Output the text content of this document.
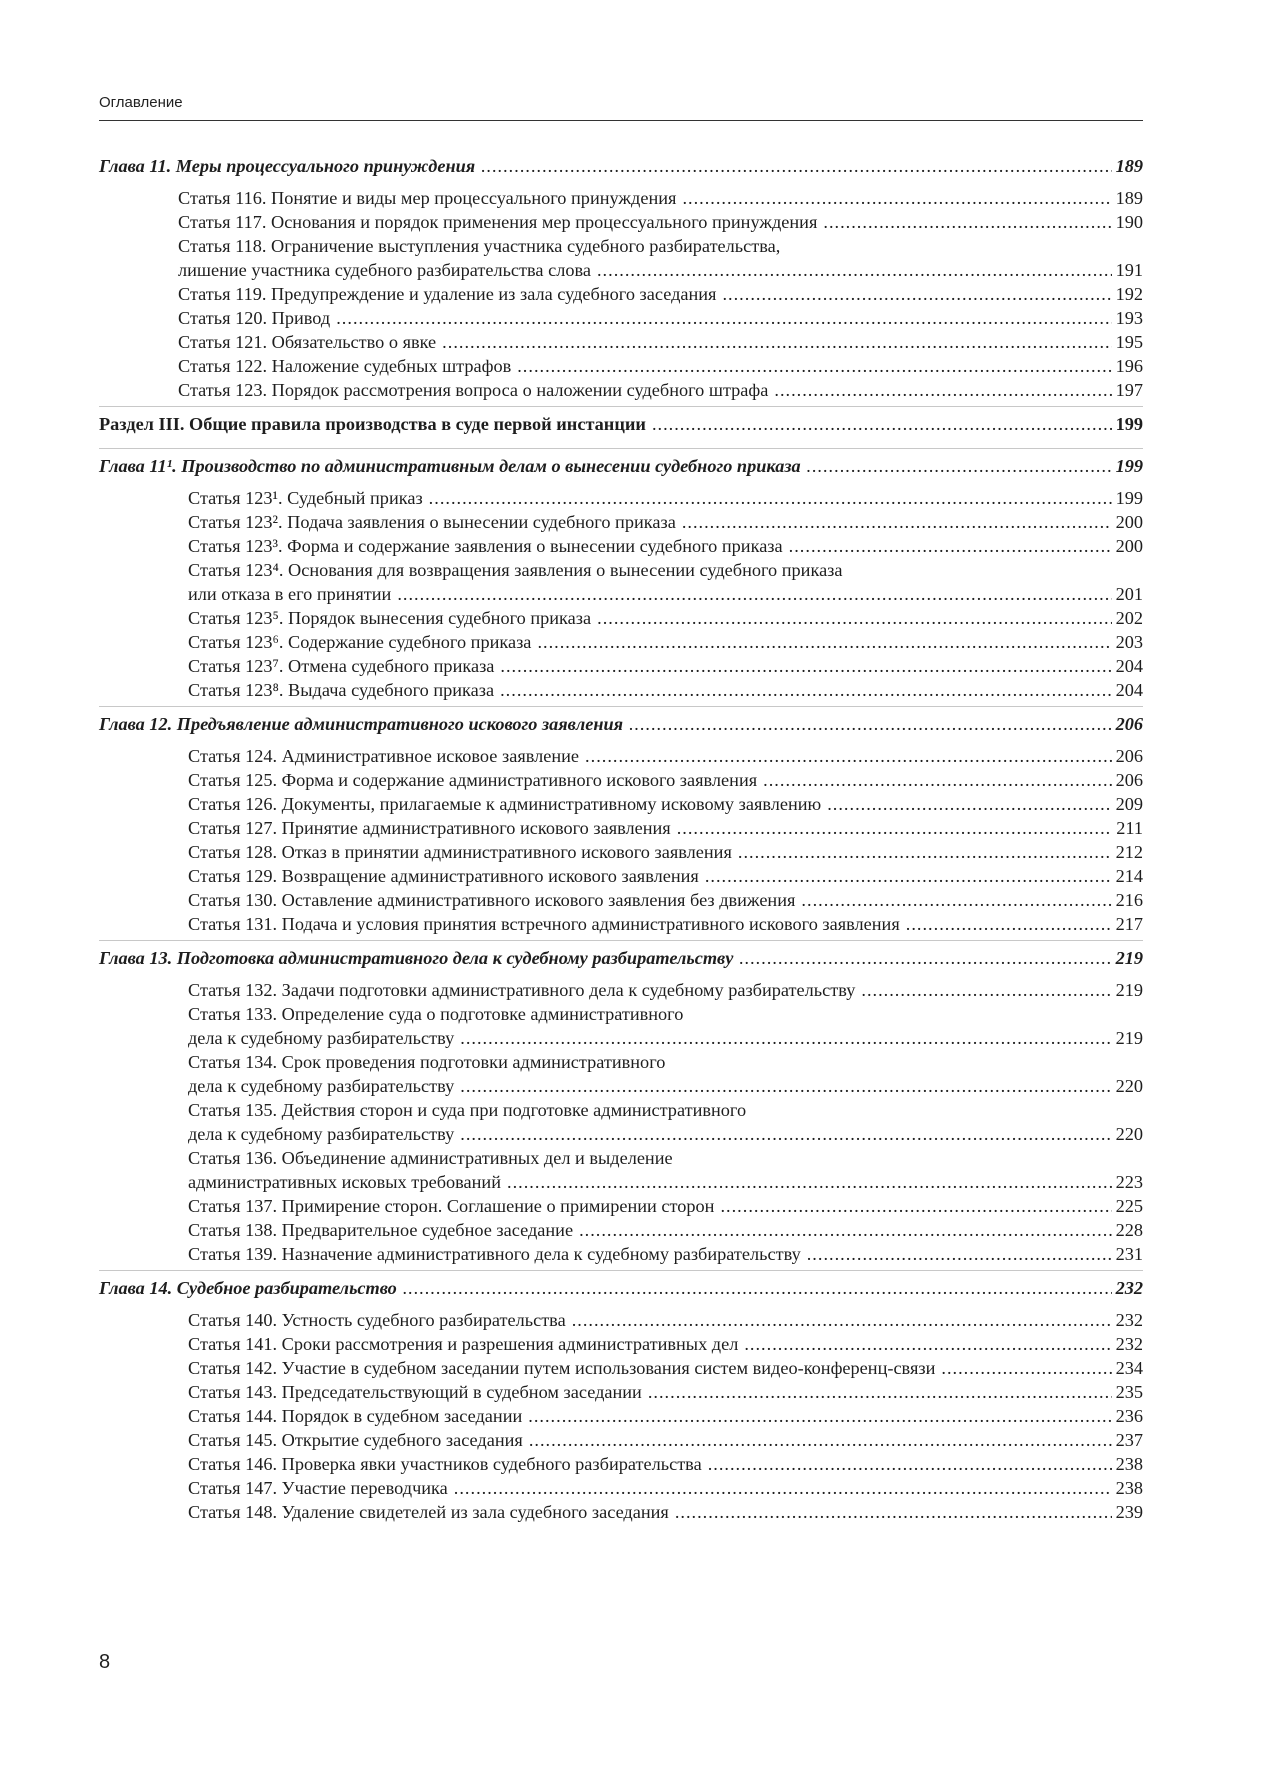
Оглавление
Глава 11. Меры процессуального принуждения .....	189
Статья 116. Понятие и виды мер процессуального принуждения .....	189
Статья 117. Основания и порядок применения мер процессуального принуждения .....	190
Статья 118. Ограничение выступления участника судебного разбирательства,
лишение участника судебного разбирательства слова .....	191
Статья 119. Предупреждение и удаление из зала судебного заседания .....	192
Статья 120. Привод .....	193
Статья 121. Обязательство о явке .....	195
Статья 122. Наложение судебных штрафов .....	196
Статья 123. Порядок рассмотрения вопроса о наложении судебного штрафа .....	197
Раздел III. Общие правила производства в суде первой инстанции .....	199
Глава 11¹. Производство по административным делам о вынесении судебного приказа .....	199
Статья 123¹. Судебный приказ .....	199
Статья 123². Подача заявления о вынесении судебного приказа .....	200
Статья 123³. Форма и содержание заявления о вынесении судебного приказа .....	200
Статья 123⁴. Основания для возвращения заявления о вынесении судебного приказа
или отказа в его принятии .....	201
Статья 123⁵. Порядок вынесения судебного приказа .....	202
Статья 123⁶. Содержание судебного приказа .....	203
Статья 123⁷. Отмена судебного приказа .....	204
Статья 123⁸. Выдача судебного приказа .....	204
Глава 12. Предъявление административного искового заявления .....	206
Статья 124. Административное исковое заявление .....	206
Статья 125. Форма и содержание административного искового заявления .....	206
Статья 126. Документы, прилагаемые к административному исковому заявлению .....	209
Статья 127. Принятие административного искового заявления .....	211
Статья 128. Отказ в принятии административного искового заявления .....	212
Статья 129. Возвращение административного искового заявления .....	214
Статья 130. Оставление административного искового заявления без движения .....	216
Статья 131. Подача и условия принятия встречного административного искового заявления .....	217
Глава 13. Подготовка административного дела к судебному разбирательству .....	219
Статья 132. Задачи подготовки административного дела к судебному разбирательству .....	219
Статья 133. Определение суда о подготовке административного
дела к судебному разбирательству .....	219
Статья 134. Срок проведения подготовки административного
дела к судебному разбирательству .....	220
Статья 135. Действия сторон и суда при подготовке административного
дела к судебному разбирательству .....	220
Статья 136. Объединение административных дел и выделение
административных исковых требований .....	223
Статья 137. Примирение сторон. Соглашение о примирении сторон .....	225
Статья 138. Предварительное судебное заседание .....	228
Статья 139. Назначение административного дела к судебному разбирательству .....	231
Глава 14. Судебное разбирательство .....	232
Статья 140. Устность судебного разбирательства .....	232
Статья 141. Сроки рассмотрения и разрешения административных дел .....	232
Статья 142. Участие в судебном заседании путем использования систем видео-конференц-связи .....	234
Статья 143. Председательствующий в судебном заседании .....	235
Статья 144. Порядок в судебном заседании .....	236
Статья 145. Открытие судебного заседания .....	237
Статья 146. Проверка явки участников судебного разбирательства .....	238
Статья 147. Участие переводчика .....	238
Статья 148. Удаление свидетелей из зала судебного заседания .....	239
8
